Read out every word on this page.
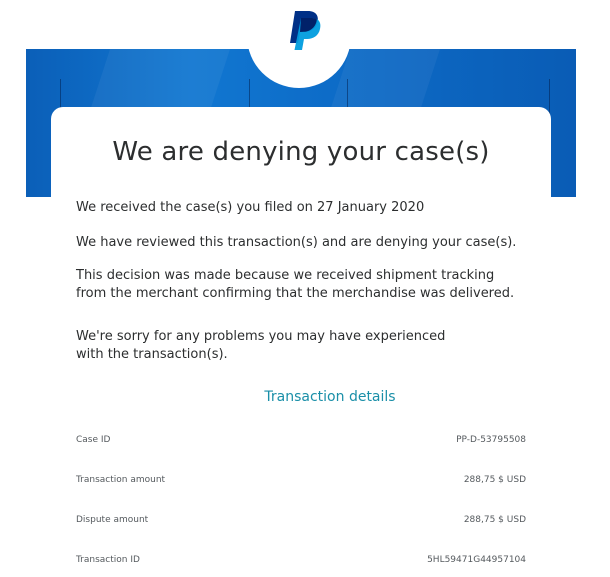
We are denying your case(s)

We received the case(s) you filed on 27 January 2020

We have reviewed this transaction(s) and are denying your case(s).

This decision was made because we received shipment tracking from the merchant confirming that the merchandise was delivered.

We're sorry for any problems you may have experienced with the transaction(s).

Transaction details
Case ID	PP-D-53795508
Transaction amount	288,75 $ USD
Dispute amount	288,75 $ USD
Transaction ID	5HL59471G44957104
